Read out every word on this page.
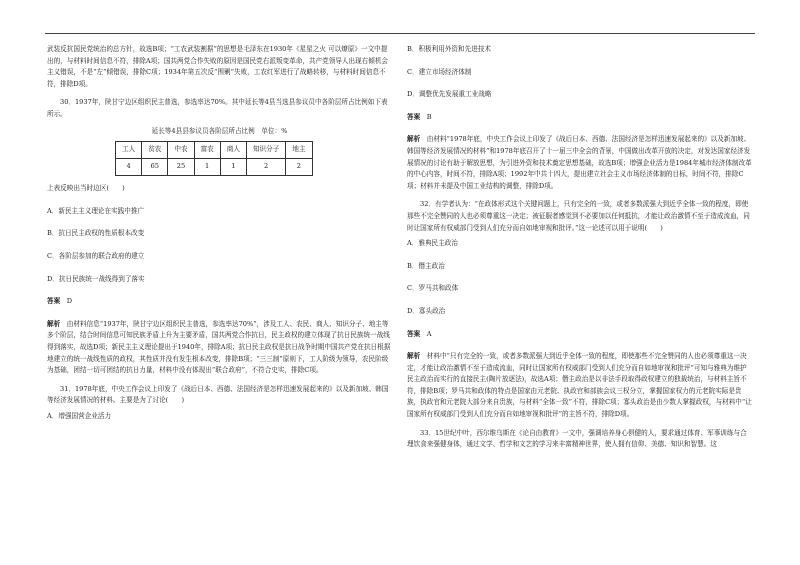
武装反抗国民党统治的总方针，故选B项；“工农武装割据”的思想是毛泽东在1930年《星星之火 可以燎原》一文中提出的，与材料时间信息不符，排除A项；国共两党合作失败的原因是国民党右派叛变革命，共产党领导人出现右倾机会主义错误，不是“左”倾错误，排除C项；1934年第五次反“围剿”失败，工农红军进行了战略转移，与材料时间信息不符，排除D项。

30．1937年，陕甘宁边区组织民主普选，参选率达70%。其中延长等4县当选县参议员中各阶层所占比例如下表所示。

延长等4县县参议员各阶层所占比例　单位：%

工人	贫农	中农	富农	商人	知识分子	地主
4	65	25	1	1	2	2

上表反映出当时边区(　　)

A．新民主主义理论在实践中推广

B．抗日民主政权的性质根本改变

C．各阶层参加的联合政府的建立

D．抗日民族统一战线得到了落实

答案　 D

解析　 由材料信息“1937年，陕甘宁边区组织民主普选，参选率达70%”，涉及工人、农民、商人、知识分子、地主等多个阶层，结合时间信息可知民族矛盾上升为主要矛盾，国共两党合作抗日，民主政权的建立体现了抗日民族统一战线得到落实，故选D项；新民主主义理论提出于1940年，排除A项；抗日民主政权是抗日战争时期中国共产党在抗日根据地建立的统一战线性质的政权，其性质并没有发生根本改变，排除B项；“三三制”原则下，工人阶级为领导，农民阶级为基础，团结一切可团结的抗日力量，材料中没有体现出“联合政府”，不符合史实，排除C项。

31．1978年底，中央工作会议上印发了《战后日本、西德、法国经济是怎样迅速发展起来的》以及新加坡、韩国等经济发展情况的材料。主要是为了讨论(　　)

A．增强国营企业活力

B．积极利用外资和先进技术

C．建立市场经济体制

D．调整优先发展重工业战略

答案　 B

解析　 由材料“1978年底，中央工作会议上印发了《战后日本、西德、法国经济是怎样迅速发展起来的》以及新加坡、韩国等经济发展情况的材料”和1978年底召开了十一届三中全会的背景，中国做出改革开放的决定，对发达国家经济发展情况的讨论有助于解放思想，为引进外资和技术奠定思想基础，故选B项；增强企业活力是1984年城市经济体制改革的中心内容，时间不符，排除A项；1992年中共十四大，提出建立社会主义市场经济体制的目标，时间不符，排除C项；材料并未提及中国工业结构的调整，排除D项。

32．有学者认为：“在政体形式这个关键问题上，只有完全的一致，或者多数派强大到近乎全体一致的程度，即使那些不完全赞同的人也必须尊重这一决定；被征服者感觉到不必要加以任何抵抗，才能让政治激情不至于造成流血，同时让国家所有权威部门受到人们充分而自如地审视和批评。”这一论述可以用于说明(　　)

A．雅典民主政治

B．僭主政治

C．罗马共和政体

D．寡头政治

答案　 A

解析　 材料中“只有完全的一致，或者多数派强大到近乎全体一致的程度，即使那些不完全赞同的人也必须尊重这一决定，才能让政治激情不至于造成流血，同时让国家所有权威部门受到人们充分而自如地审视和批评”可知与雅典为维护民主政治而实行的直接民主(陶片放逐法)，故选A项；僭主政治是以非法手段取得政权建立的独裁统治，与材料主旨不符，排除B项；罗马共和政体的特点是国家由元老院、执政官和部族会议三权分立，掌握国家权力的元老院实际是贵族，执政官和元老院大部分来自贵族，与材料“全体一致”不符，排除C项；寡头政治是由少数人掌握政权，与材料中“让国家所有权威部门受到人们充分而自如地审视和批评”的主旨不符，排除D项。

33．15世纪中叶，西尔维乌斯在《论自由教育》一文中，强调培养身心俱健的人，要求通过体育、军事训练与合理饮食来强健身体，通过文学、哲学和文艺的学习来丰富精神世界，使人拥有信仰、美德、知识和智慧。这
